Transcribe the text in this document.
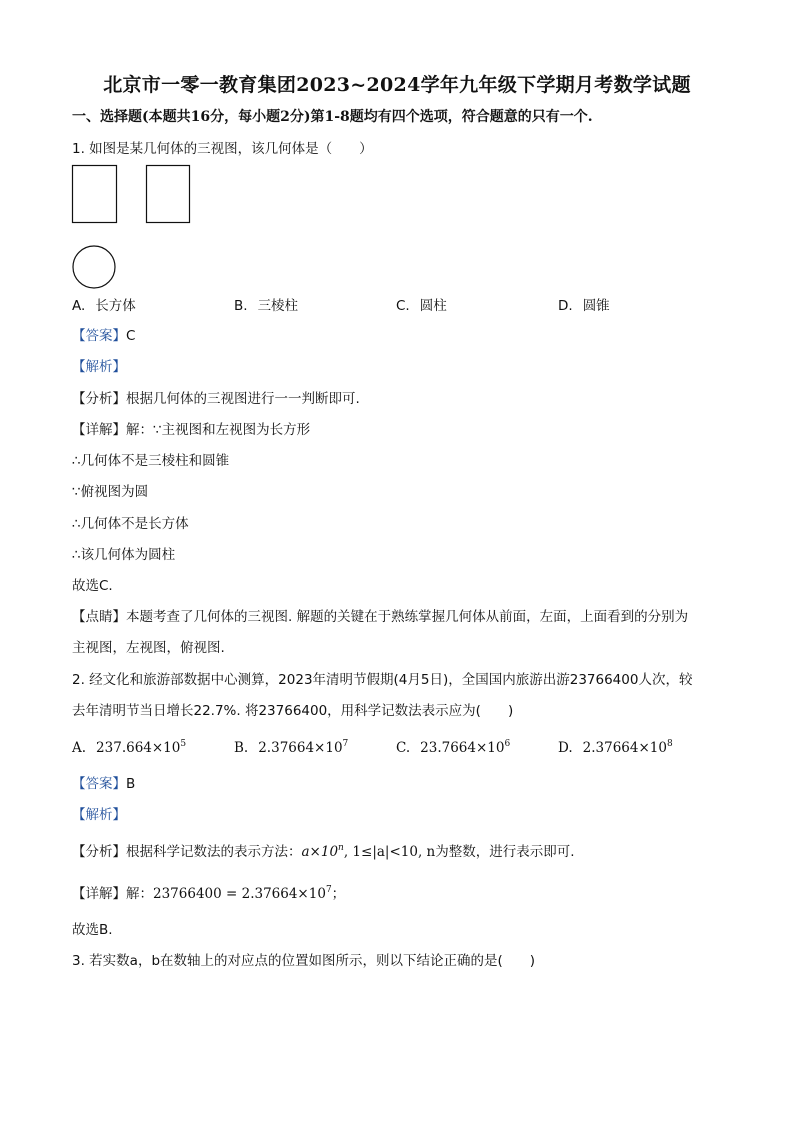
北京市一零一教育集团2023~2024学年九年级下学期月考数学试题
一、选择题(本题共16分，每小题2分)第1-8题均有四个选项，符合题意的只有一个.
1. 如图是某几何体的三视图，该几何体是（　　）
A. 长方体	B. 三棱柱	C. 圆柱	D. 圆锥
【答案】C
【解析】
【分析】根据几何体的三视图进行一一判断即可.
【详解】解：∵主视图和左视图为长方形
∴几何体不是三棱柱和圆锥
∵俯视图为圆
∴几何体不是长方体
∴该几何体为圆柱
故选C.
【点睛】本题考查了几何体的三视图. 解题的关键在于熟练掌握几何体从前面，左面，上面看到的分别为
主视图，左视图，俯视图.
2. 经文化和旅游部数据中心测算，2023年清明节假期(4月5日)，全国国内旅游出游23766400人次，较
去年清明节当日增长22.7%. 将23766400，用科学记数法表示应为(　　)
A. $237.664\times 10^5$	B. $2.37664\times 10^7$	C. $23.7664\times 10^6$	D. $2.37664\times 10^8$
【答案】B
【解析】
【分析】根据科学记数法的表示方法：$a\times 10^n$, 1≤|a|<10, n为整数，进行表示即可.
【详解】解：$23766400 = 2.37664\times 10^7$；
故选B.
3. 若实数a，b在数轴上的对应点的位置如图所示，则以下结论正确的是(　　)
